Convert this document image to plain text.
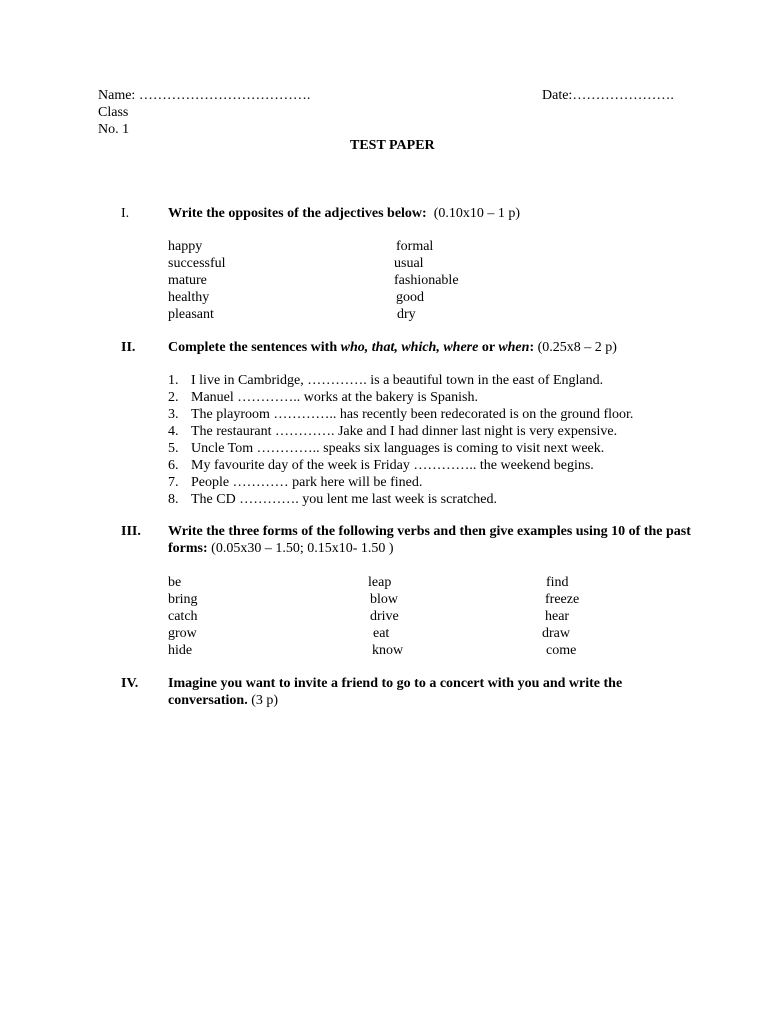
Name: ……………………………….	Date:………………….
Class
No. 1
TEST PAPER
I.	Write the opposites of the adjectives below: (0.10x10 – 1 p)
happy
successful
mature
healthy
pleasant
formal
usual
fashionable
good
dry
II. Complete the sentences with who, that, which, where or when: (0.25x8 – 2 p)
1. I live in Cambridge, …………. is a beautiful town in the east of England.
2. Manuel ………….. works at the bakery is Spanish.
3. The playroom ………….. has recently been redecorated is on the ground floor.
4. The restaurant …………. Jake and I had dinner last night is very expensive.
5. Uncle Tom ………….. speaks six languages is coming to visit next week.
6. My favourite day of the week is Friday ………….. the weekend begins.
7. People ………… park here will be fined.
8. The CD …………. you lent me last week is scratched.
III. Write the three forms of the following verbs and then give examples using 10 of the past forms: (0.05x30 – 1.50; 0.15x10- 1.50 )
be
bring
catch
grow
hide
leap
blow
drive
eat
know
find
freeze
hear
draw
come
IV. Imagine you want to invite a friend to go to a concert with you and write the conversation. (3 p)
